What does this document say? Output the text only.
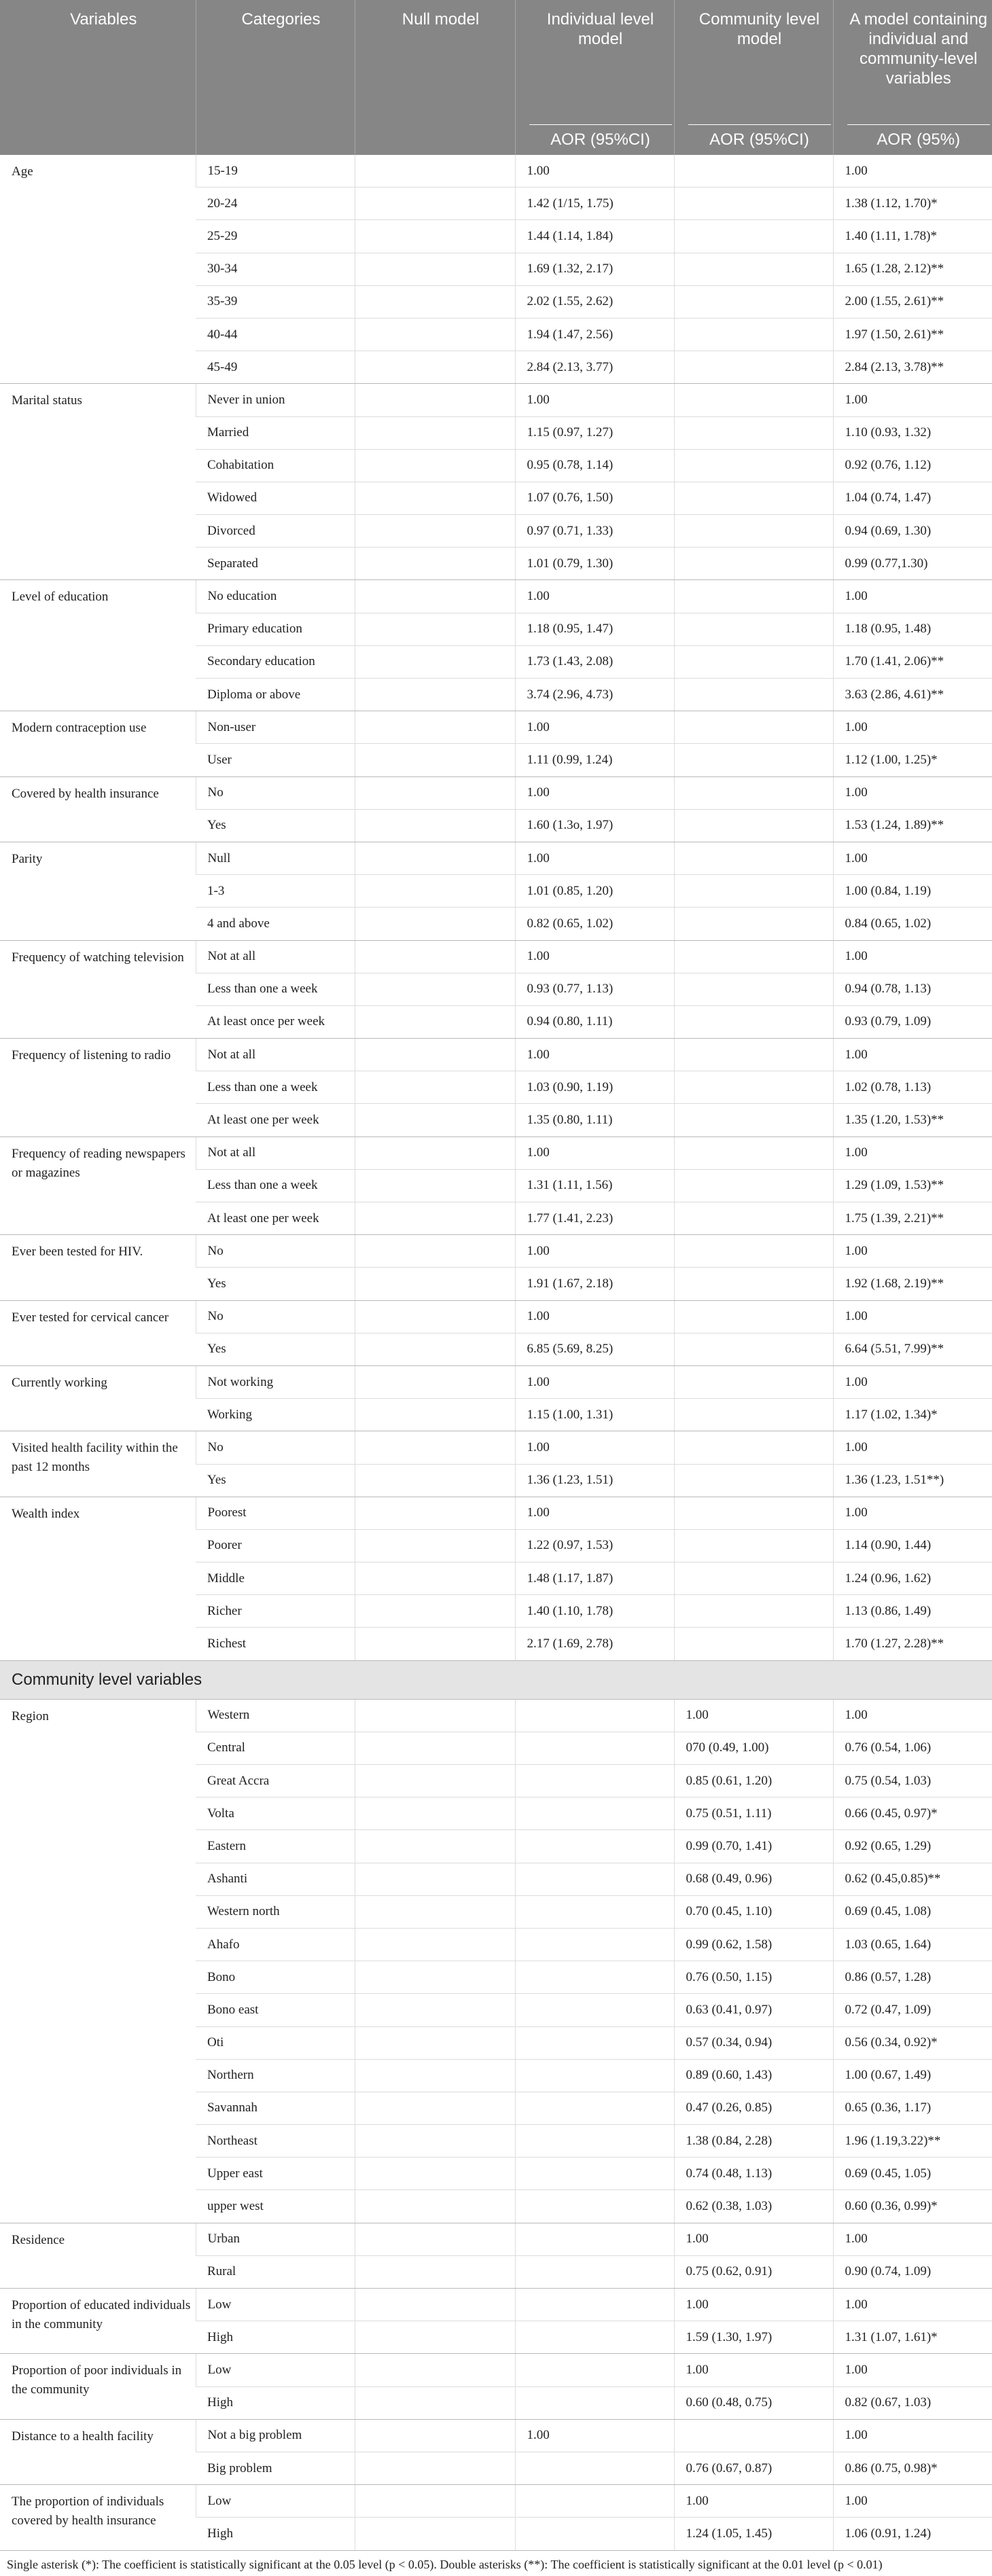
Variables	Categories	Null model	Individual level model	Community level model	A model containing individual and community-level variables
			AOR (95%CI)	AOR (95%CI)	AOR (95%)
Age	15-19		1.00		1.00
	20-24		1.42 (1/15, 1.75)		1.38 (1.12, 1.70)*
	25-29		1.44 (1.14, 1.84)		1.40 (1.11, 1.78)*
	30-34		1.69 (1.32, 2.17)		1.65 (1.28, 2.12)**
	35-39		2.02 (1.55, 2.62)		2.00 (1.55, 2.61)**
	40-44		1.94 (1.47, 2.56)		1.97 (1.50, 2.61)**
	45-49		2.84 (2.13, 3.77)		2.84 (2.13, 3.78)**
Marital status	Never in union		1.00		1.00
	Married		1.15 (0.97, 1.27)		1.10 (0.93, 1.32)
	Cohabitation		0.95 (0.78, 1.14)		0.92 (0.76, 1.12)
	Widowed		1.07 (0.76, 1.50)		1.04 (0.74, 1.47)
	Divorced		0.97 (0.71, 1.33)		0.94 (0.69, 1.30)
	Separated		1.01 (0.79, 1.30)		0.99 (0.77,1.30)
Level of education	No education		1.00		1.00
	Primary education		1.18 (0.95, 1.47)		1.18 (0.95, 1.48)
	Secondary education		1.73 (1.43, 2.08)		1.70 (1.41, 2.06)**
	Diploma or above		3.74 (2.96, 4.73)		3.63 (2.86, 4.61)**
Modern contraception use	Non-user		1.00		1.00
	User		1.11 (0.99, 1.24)		1.12 (1.00, 1.25)*
Covered by health insurance	No		1.00		1.00
	Yes		1.60 (1.3o, 1.97)		1.53 (1.24, 1.89)**
Parity	Null		1.00		1.00
	1-3		1.01 (0.85, 1.20)		1.00 (0.84, 1.19)
	4 and above		0.82 (0.65, 1.02)		0.84 (0.65, 1.02)
Frequency of watching television	Not at all		1.00		1.00
	Less than one a week		0.93 (0.77, 1.13)		0.94 (0.78, 1.13)
	At least once per week		0.94 (0.80, 1.11)		0.93 (0.79, 1.09)
Frequency of listening to radio	Not at all		1.00		1.00
	Less than one a week		1.03 (0.90, 1.19)		1.02 (0.78, 1.13)
	At least one per week		1.35 (0.80, 1.11)		1.35 (1.20, 1.53)**
Frequency of reading newspapers or magazines	Not at all		1.00		1.00
	Less than one a week		1.31 (1.11, 1.56)		1.29 (1.09, 1.53)**
	At least one per week		1.77 (1.41, 2.23)		1.75 (1.39, 2.21)**
Ever been tested for HIV.	No		1.00		1.00
	Yes		1.91 (1.67, 2.18)		1.92 (1.68, 2.19)**
Ever tested for cervical cancer	No		1.00		1.00
	Yes		6.85 (5.69, 8.25)		6.64 (5.51, 7.99)**
Currently working	Not working		1.00		1.00
	Working		1.15 (1.00, 1.31)		1.17 (1.02, 1.34)*
Visited health facility within the past 12 months	No		1.00		1.00
	Yes		1.36 (1.23, 1.51)		1.36 (1.23, 1.51**)
Wealth index	Poorest		1.00		1.00
	Poorer		1.22 (0.97, 1.53)		1.14 (0.90, 1.44)
	Middle		1.48 (1.17, 1.87)		1.24 (0.96, 1.62)
	Richer		1.40 (1.10, 1.78)		1.13 (0.86, 1.49)
	Richest		2.17 (1.69, 2.78)		1.70 (1.27, 2.28)**
Community level variables					
Region	Western			1.00	1.00
	Central			070 (0.49, 1.00)	0.76 (0.54, 1.06)
	Great Accra			0.85 (0.61, 1.20)	0.75 (0.54, 1.03)
	Volta			0.75 (0.51, 1.11)	0.66 (0.45, 0.97)*
	Eastern			0.99 (0.70, 1.41)	0.92 (0.65, 1.29)
	Ashanti			0.68 (0.49, 0.96)	0.62 (0.45,0.85)**
	Western north			0.70 (0.45, 1.10)	0.69 (0.45, 1.08)
	Ahafo			0.99 (0.62, 1.58)	1.03 (0.65, 1.64)
	Bono			0.76 (0.50, 1.15)	0.86 (0.57, 1.28)
	Bono east			0.63 (0.41, 0.97)	0.72 (0.47, 1.09)
	Oti			0.57 (0.34, 0.94)	0.56 (0.34, 0.92)*
	Northern			0.89 (0.60, 1.43)	1.00 (0.67, 1.49)
	Savannah			0.47 (0.26, 0.85)	0.65 (0.36, 1.17)
	Northeast			1.38 (0.84, 2.28)	1.96 (1.19,3.22)**
	Upper east			0.74 (0.48, 1.13)	0.69 (0.45, 1.05)
	upper west			0.62 (0.38, 1.03)	0.60 (0.36, 0.99)*
Residence	Urban			1.00	1.00
	Rural			0.75 (0.62, 0.91)	0.90 (0.74, 1.09)
Proportion of educated individuals in the community	Low			1.00	1.00
	High			1.59 (1.30, 1.97)	1.31 (1.07, 1.61)*
Proportion of poor individuals in the community	Low			1.00	1.00
	High			0.60 (0.48, 0.75)	0.82 (0.67, 1.03)
Distance to a health facility	Not a big problem		1.00		1.00
	Big problem			0.76 (0.67, 0.87)	0.86 (0.75, 0.98)*
The proportion of individuals covered by health insurance	Low			1.00	1.00
	High			1.24 (1.05, 1.45)	1.06 (0.91, 1.24)
Single asterisk (*): The coefficient is statistically significant at the 0.05 level (p < 0.05). Double asterisks (**): The coefficient is statistically significant at the 0.01 level (p < 0.01)
